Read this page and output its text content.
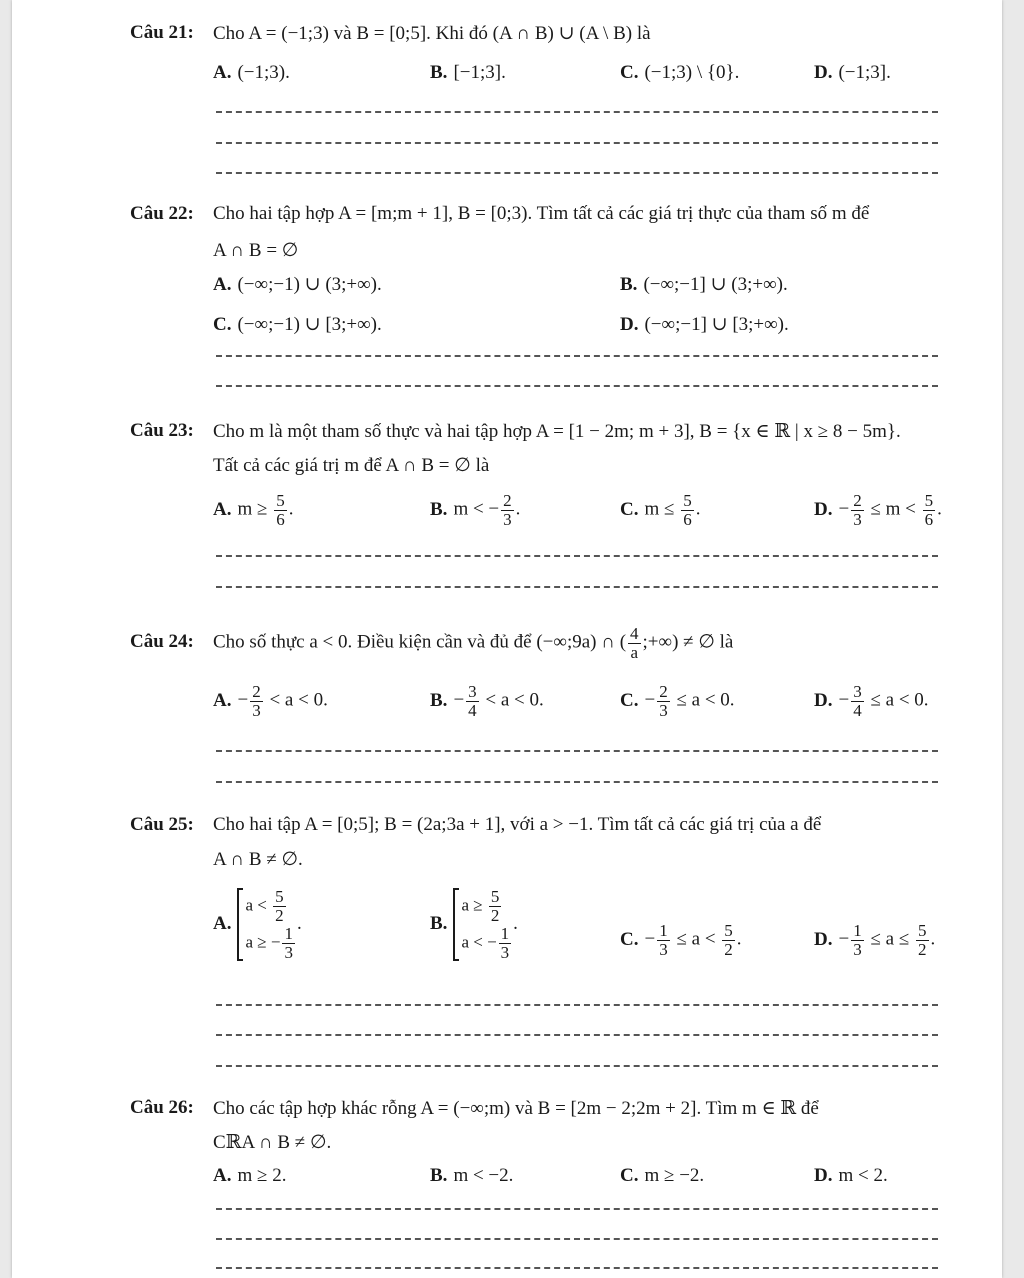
Câu 21: Cho A = (−1;3) và B = [0;5]. Khi đó (A ∩ B) ∪ (A \ B) là
A. (−1;3).	B. [−1;3].	C. (−1;3) \ {0}.	D. (−1;3].
Câu 22: Cho hai tập hợp A = [m;m + 1], B = [0;3). Tìm tất cả các giá trị thực của tham số m để
A ∩ B = ∅
A. (−∞;−1) ∪ (3;+∞).	B. (−∞;−1] ∪ (3;+∞).
C. (−∞;−1) ∪ [3;+∞).	D. (−∞;−1] ∪ [3;+∞).
Câu 23: Cho m là một tham số thực và hai tập hợp A = [1 − 2m; m + 3], B = {x ∈ ℝ | x ≥ 8 − 5m}.
Tất cả các giá trị m để A ∩ B = ∅ là
A. $m \ge \frac{5}{6}$ .	B. m < − $\frac{2}{3}$ .	C. $m \le \frac{5}{6}$ .	D. − $\frac{2}{3} \le m < \frac{5}{6}$ .
Câu 24: Cho số thực a < 0. Điều kiện cần và đủ để (−∞;9a) ∩ ( $\frac{4}{a}$ ;+∞) ≠ ∅ là
A. − $\frac{2}{3} < a < 0$.	B. − $\frac{3}{4} < a < 0$.	C. − $\frac{2}{3} \le a < 0$.	D. − $\frac{3}{4} \le a < 0$.
Câu 25: Cho hai tập A = [0;5]; B = (2a;3a + 1], với a > −1. Tìm tất cả các giá trị của a để
A ∩ B ≠ ∅.
A.
$a < \frac{5}{2}$
a ≥ − $\frac{1}{3}$
.	B.
$a \ge \frac{5}{2}$
a < − $\frac{1}{3}$
.
C. − $\frac{1}{3} \le a < \frac{5}{2}$ .	D. − $\frac{1}{3} \le a \le \frac{5}{2}$ .
Câu 26: Cho các tập hợp khác rỗng A = (−∞;m) và B = [2m − 2;2m + 2]. Tìm m ∈ ℝ để
CℝA ∩ B ≠ ∅.
A. m ≥ 2.	B. m < −2.	C. m ≥ −2.	D. m < 2.
